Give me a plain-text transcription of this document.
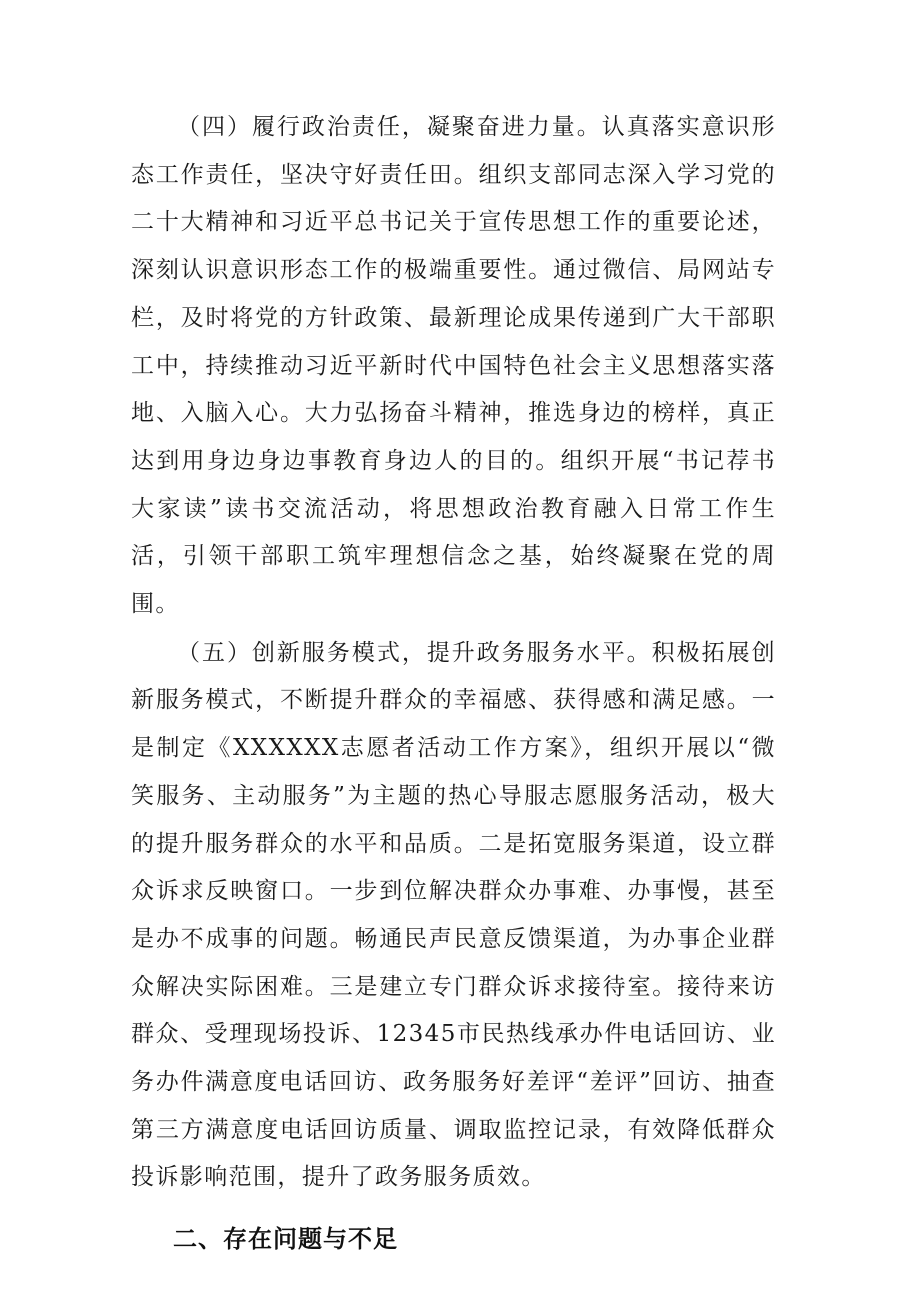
（四）履行政治责任，凝聚奋进力量。认真落实意识形态工作责任，坚决守好责任田。组织支部同志深入学习党的二十大精神和习近平总书记关于宣传思想工作的重要论述，深刻认识意识形态工作的极端重要性。通过微信、局网站专栏，及时将党的方针政策、最新理论成果传递到广大干部职工中，持续推动习近平新时代中国特色社会主义思想落实落地、入脑入心。大力弘扬奋斗精神，推选身边的榜样，真正达到用身边身边事教育身边人的目的。组织开展“书记荐书大家读”读书交流活动，将思想政治教育融入日常工作生活，引领干部职工筑牢理想信念之基，始终凝聚在党的周围。

（五）创新服务模式，提升政务服务水平。积极拓展创新服务模式，不断提升群众的幸福感、获得感和满足感。一是制定《XXXXXX志愿者活动工作方案》，组织开展以“微笑服务、主动服务”为主题的热心导服志愿服务活动，极大的提升服务群众的水平和品质。二是拓宽服务渠道，设立群众诉求反映窗口。一步到位解决群众办事难、办事慢，甚至是办不成事的问题。畅通民声民意反馈渠道，为办事企业群众解决实际困难。三是建立专门群众诉求接待室。接待来访群众、受理现场投诉、12345市民热线承办件电话回访、业务办件满意度电话回访、政务服务好差评“差评”回访、抽查第三方满意度电话回访质量、调取监控记录，有效降低群众投诉影响范围，提升了政务服务质效。

二、存在问题与不足
